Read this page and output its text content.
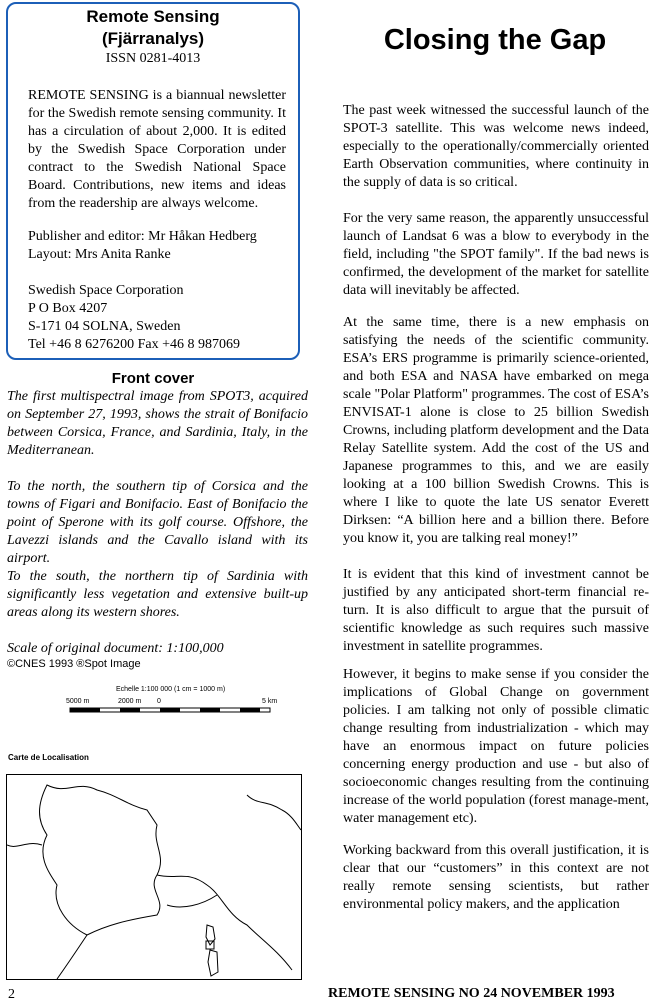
Remote Sensing
(Fjärranalys)
ISSN 0281-4013
REMOTE SENSING is a biannual newsletter for the Swedish remote sensing community. It has a circulation of about 2,000. It is edited by the Swedish Space Corporation under contract to the Swedish National Space Board. Contributions, new items and ideas from the readership are always welcome.
Publisher and editor: Mr Håkan Hedberg
Layout: Mrs Anita Ranke
Swedish Space Corporation
P O Box 4207
S-171 04 SOLNA, Sweden
Tel +46 8 6276200 Fax +46 8 987069
Front cover
The first multispectral image from SPOT3, acquired on September 27, 1993, shows the strait of Bonifacio between Corsica, France, and Sardinia, Italy, in the Mediterranean.
To the north, the southern tip of Corsica and the towns of Figari and Bonifacio. East of Bonifacio the point of Sperone with its golf course. Offshore, the Lavezzi islands and the Cavallo island with its airport.
To the south, the northern tip of Sardinia with significantly less vegetation and extensive built-up areas along its western shores.
Scale of original document: 1:100,000
©CNES 1993 ®Spot Image
Echelle 1:100 000 (1 cm = 1000 m)
5000 m	2000 m 0	5 km
Carte de Localisation
Closing the Gap
The past week witnessed the successful launch of the SPOT-3 satellite. This was welcome news indeed, especially to the operationally/commercially oriented Earth Observation communities, where continuity in the supply of data is so critical.
For the very same reason, the apparently unsuccessful launch of Landsat 6 was a blow to everybody in the field, including "the SPOT family". If the bad news is confirmed, the development of the market for satellite data will inevitably be affected.
At the same time, there is a new emphasis on satisfying the needs of the scientific community. ESA’s ERS programme is primarily science-oriented, and both ESA and NASA have embarked on mega scale "Polar Platform" programmes. The cost of ESA’s ENVISAT-1 alone is close to 25 billion Swedish Crowns, including platform development and the Data Relay Satellite system. Add the cost of the US and Japanese programmes to this, and we are easily looking at a 100 billion Swedish Crowns. This is where I like to quote the late US senator Everett Dirksen: “A billion here and a billion there. Before you know it, you are talking real money!”
It is evident that this kind of investment cannot be justified by any anticipated short-term financial re-turn. It is also difficult to argue that the pursuit of scientific knowledge as such requires such massive investment in satellite programmes.
However, it begins to make sense if you consider the implications of Global Change on government policies. I am talking not only of possible climatic change resulting from industrialization - which may have an enormous impact on future policies concerning energy production and use - but also of socioeconomic changes resulting from the continuing increase of the world population (forest manage-ment, water management etc).
Working backward from this overall justification, it is clear that our “customers” in this context are not really remote sensing scientists, but rather environmental policy makers, and the application
2	REMOTE SENSING NO 24 NOVEMBER 1993
